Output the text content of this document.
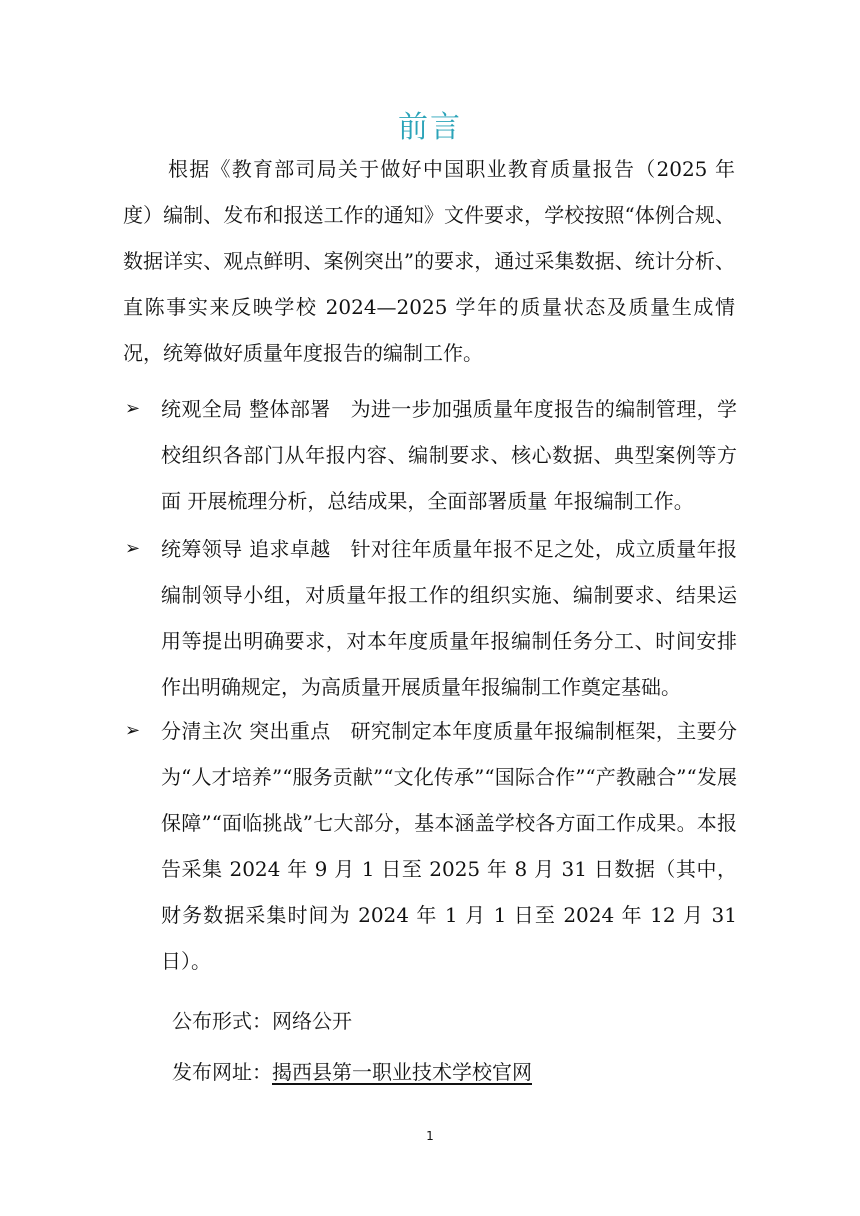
前言

根据《教育部司局关于做好中国职业教育质量报告（2025 年度）编制、发布和报送工作的通知》文件要求，学校按照“体例合规、 数据详实、观点鲜明、案例突出”的要求，通过采集数据、统计分析、直陈事实来反映学校 2024—2025 学年的质量状态及质量生成情况，统筹做好质量年度报告的编制工作。

➢	统观全局 整体部署 为进一步加强质量年度报告的编制管理，学校组织各部门从年报内容、编制要求、核心数据、典型案例等方面 开展梳理分析，总结成果，全面部署质量 年报编制工作。

➢	统筹领导 追求卓越 针对往年质量年报不足之处，成立质量年报编制领导小组，对质量年报工作的组织实施、编制要求、结果运用等提出明确要求，对本年度质量年报编制任务分工、时间安排作出明确规定，为高质量开展质量年报编制工作奠定基础。

➢	分清主次 突出重点 研究制定本年度质量年报编制框架，主要分为“人才培养”“服务贡献”“文化传承”“国际合作”“产教融合”“发展保障”“面临挑战”七大部分，基本涵盖学校各方面工作成果。本报告采集 2024 年 9 月 1 日至 2025 年 8 月 31 日数据（其中，财务数据采集时间为 2024 年 1 月 1 日至 2024 年 12 月 31 日）。

公布形式：网络公开
发布网址：揭西县第一职业技术学校官网
1
